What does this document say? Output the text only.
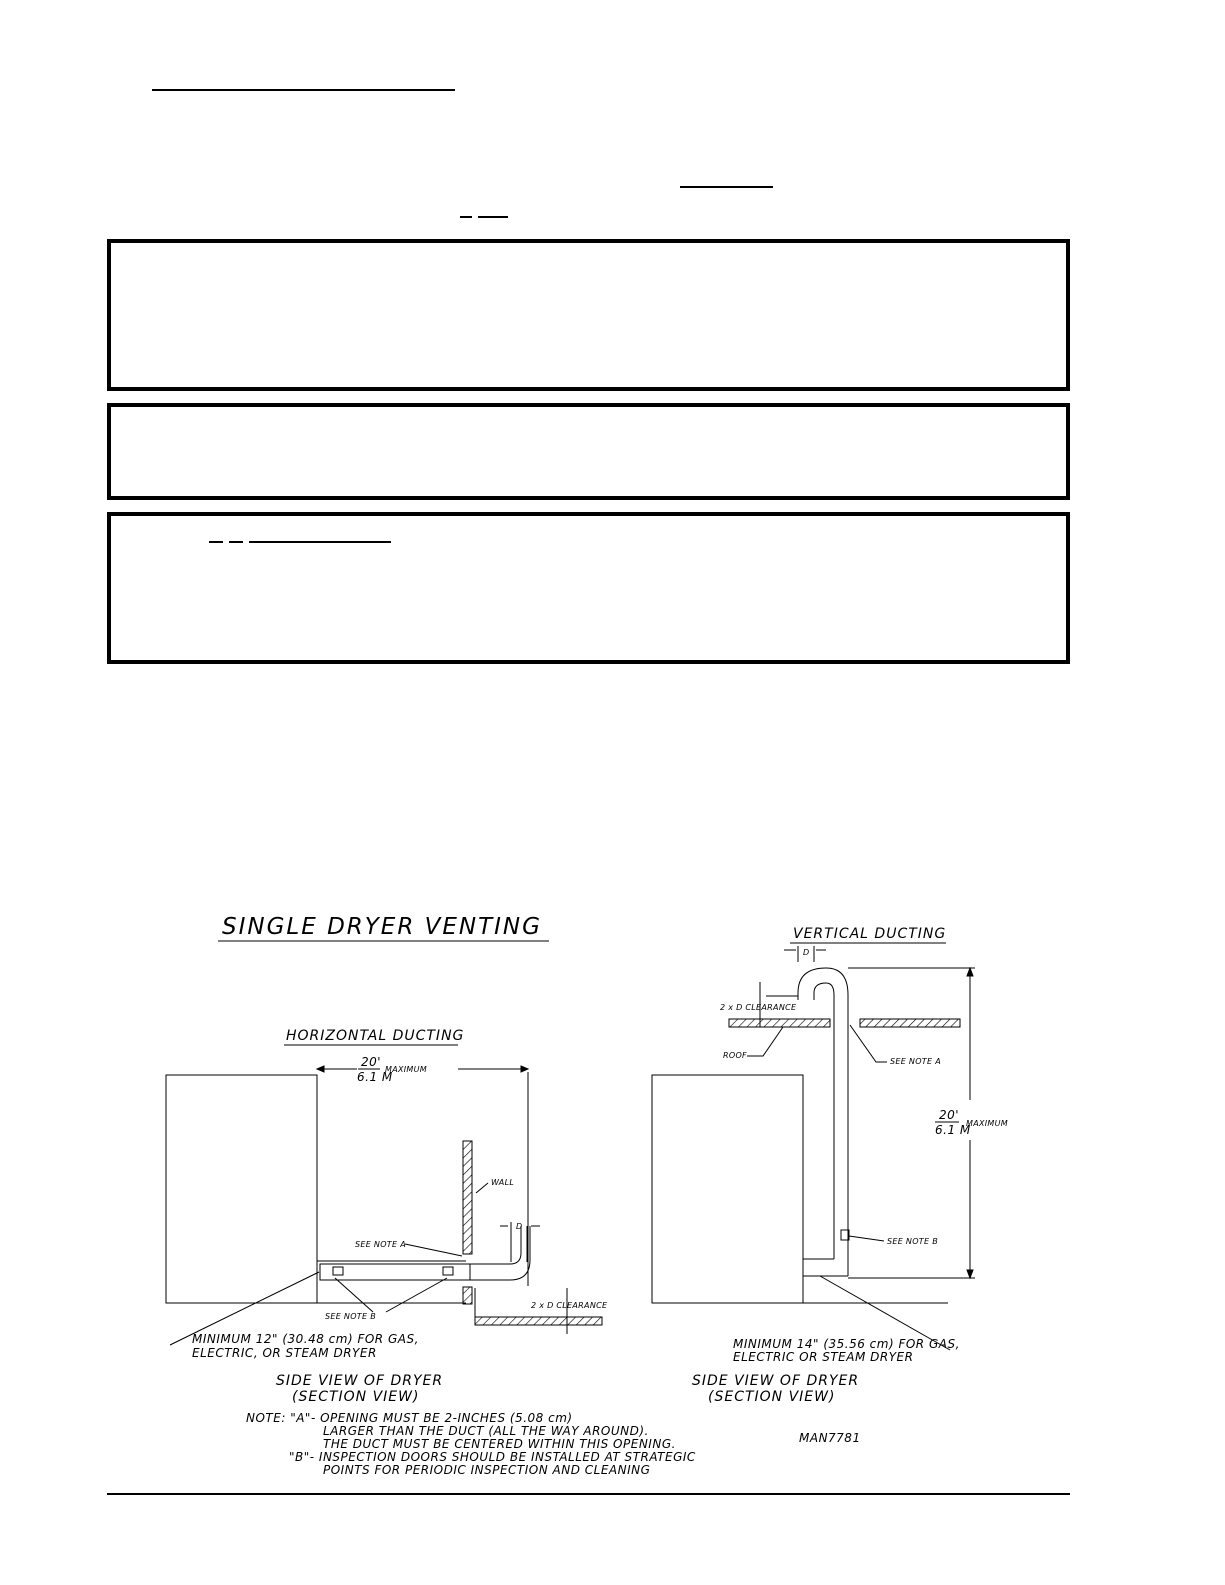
SINGLE DRYER VENTING
HORIZONTAL DUCTING
20'
6.1 M
MAXIMUM
WALL
D
SEE NOTE A
SEE NOTE B
2 x D CLEARANCE
MINIMUM 12" (30.48 cm) FOR GAS,
ELECTRIC, OR STEAM DRYER
SIDE VIEW OF DRYER
(SECTION VIEW)
VERTICAL DUCTING
D
2 x D CLEARANCE
ROOF
SEE NOTE A
20'
6.1 M
MAXIMUM
SEE NOTE B
MINIMUM 14" (35.56 cm) FOR GAS,
ELECTRIC OR STEAM DRYER
SIDE VIEW OF DRYER
(SECTION VIEW)
NOTE: "A"- OPENING MUST BE 2-INCHES (5.08 cm)
LARGER THAN THE DUCT (ALL THE WAY AROUND).
THE DUCT MUST BE CENTERED WITHIN THIS OPENING.
"B"- INSPECTION DOORS SHOULD BE INSTALLED AT STRATEGIC
POINTS FOR PERIODIC INSPECTION AND CLEANING
MAN7781
